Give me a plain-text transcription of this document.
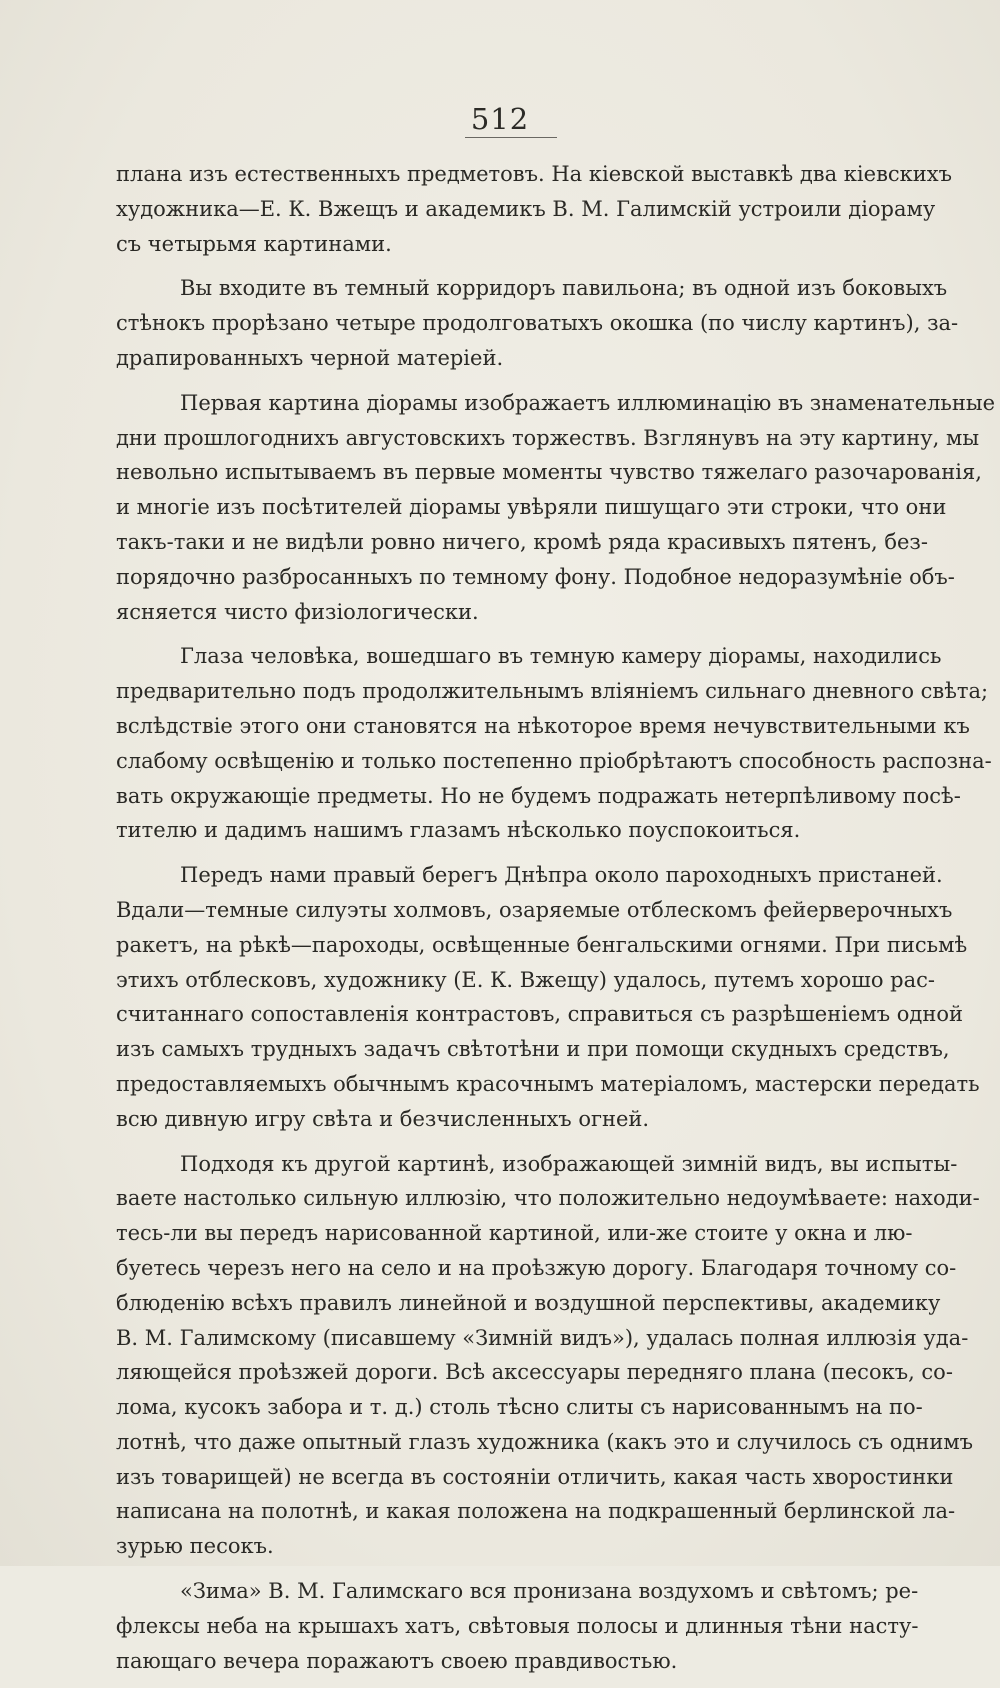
512
плана изъ естественныхъ предметовъ. На кіевской выставкѣ два кіевскихъ
художника—Е. К. Вжещъ и академикъ В. М. Галимскій устроили діораму
съ четырьмя картинами.
Вы входите въ темный корридоръ павильона; въ одной изъ боковыхъ
стѣнокъ прорѣзано четыре продолговатыхъ окошка (по числу картинъ), за-
драпированныхъ черной матеріей.
Первая картина діорамы изображаетъ иллюминацію въ знаменательные
дни прошлогоднихъ августовскихъ торжествъ. Взглянувъ на эту картину, мы
невольно испытываемъ въ первые моменты чувство тяжелаго разочарованія,
и многіе изъ посѣтителей діорамы увѣряли пишущаго эти строки, что они
такъ-таки и не видѣли ровно ничего, кромѣ ряда красивыхъ пятенъ, без-
порядочно разбросанныхъ по темному фону. Подобное недоразумѣніе объ-
ясняется чисто физіологически.
Глаза человѣка, вошедшаго въ темную камеру діорамы, находились
предварительно подъ продолжительнымъ вліяніемъ сильнаго дневного свѣта;
вслѣдствіе этого они становятся на нѣкоторое время нечувствительными къ
слабому освѣщенію и только постепенно пріобрѣтаютъ способность распозна-
вать окружающіе предметы. Но не будемъ подражать нетерпѣливому посѣ-
тителю и дадимъ нашимъ глазамъ нѣсколько поуспокоиться.
Передъ нами правый берегъ Днѣпра около пароходныхъ пристаней.
Вдали—темные силуэты холмовъ, озаряемые отблескомъ фейерверочныхъ
ракетъ, на рѣкѣ—пароходы, освѣщенные бенгальскими огнями. При письмѣ
этихъ отблесковъ, художнику (Е. К. Вжещу) удалось, путемъ хорошо рас-
считаннаго сопоставленія контрастовъ, справиться съ разрѣшеніемъ одной
изъ самыхъ трудныхъ задачъ свѣтотѣни и при помощи скудныхъ средствъ,
предоставляемыхъ обычнымъ красочнымъ матеріаломъ, мастерски передать
всю дивную игру свѣта и безчисленныхъ огней.
Подходя къ другой картинѣ, изображающей зимній видъ, вы испыты-
ваете настолько сильную иллюзію, что положительно недоумѣваете: находи-
тесь-ли вы передъ нарисованной картиной, или-же стоите у окна и лю-
буетесь черезъ него на село и на проѣзжую дорогу. Благодаря точному со-
блюденію всѣхъ правилъ линейной и воздушной перспективы, академику
В. М. Галимскому (писавшему «Зимній видъ»), удалась полная иллюзія уда-
ляющейся проѣзжей дороги. Всѣ аксессуары передняго плана (песокъ, со-
лома, кусокъ забора и т. д.) столь тѣсно слиты съ нарисованнымъ на по-
лотнѣ, что даже опытный глазъ художника (какъ это и случилось съ однимъ
изъ товарищей) не всегда въ состояніи отличить, какая часть хворостинки
написана на полотнѣ, и какая положена на подкрашенный берлинской ла-
зурью песокъ.
«Зима» В. М. Галимскаго вся пронизана воздухомъ и свѣтомъ; ре-
флексы неба на крышахъ хатъ, свѣтовыя полосы и длинныя тѣни насту-
пающаго вечера поражаютъ своею правдивостью.
